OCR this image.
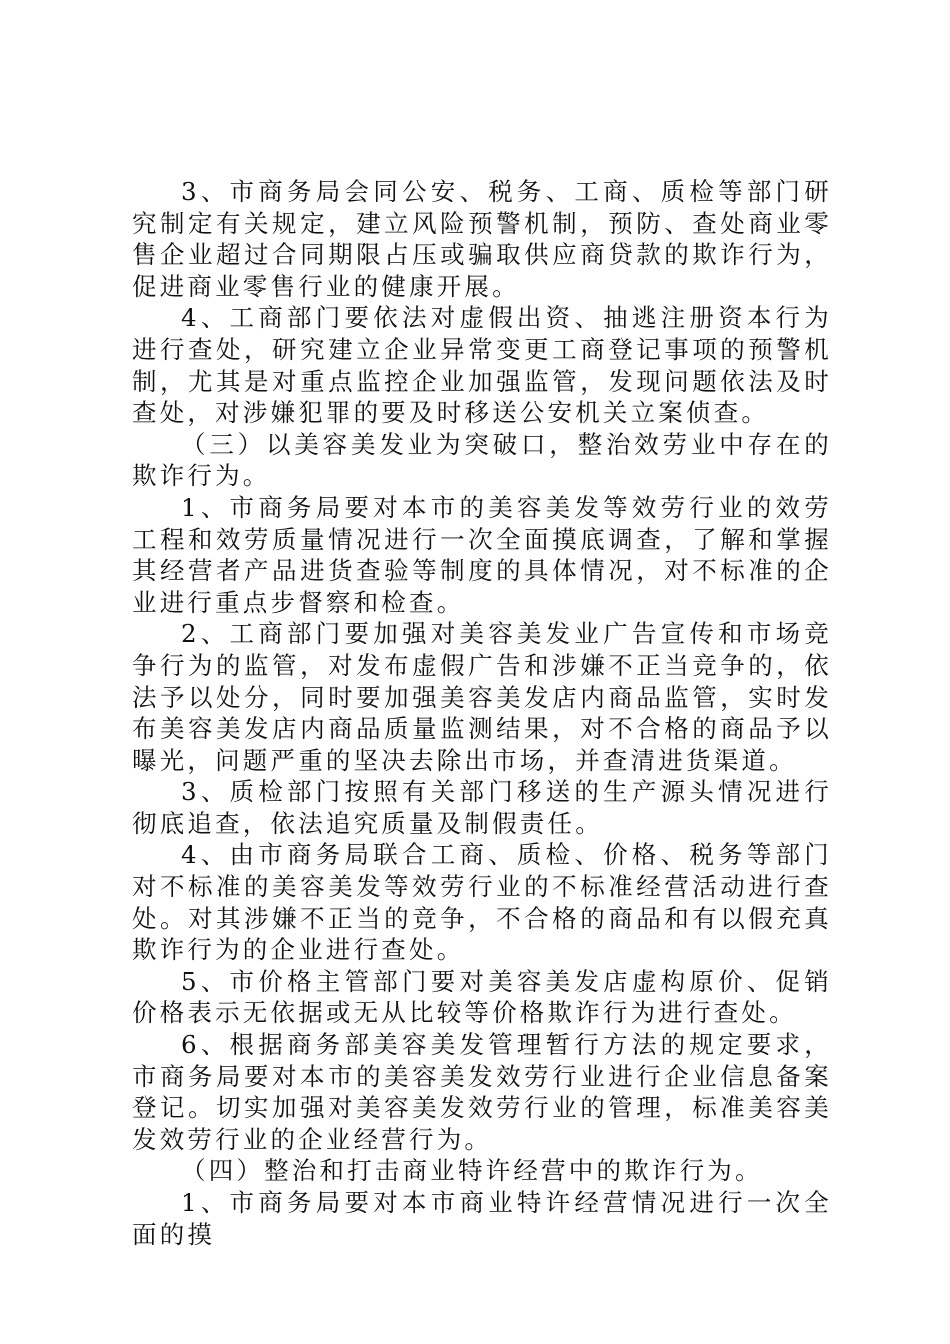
3、市商务局会同公安、税务、工商、质检等部门研究制定有关规定，建立风险预警机制，预防、查处商业零售企业超过合同期限占压或骗取供应商贷款的欺诈行为，促进商业零售行业的健康开展。

4、工商部门要依法对虚假出资、抽逃注册资本行为进行查处，研究建立企业异常变更工商登记事项的预警机制，尤其是对重点监控企业加强监管，发现问题依法及时查处，对涉嫌犯罪的要及时移送公安机关立案侦查。

（三）以美容美发业为突破口，整治效劳业中存在的欺诈行为。

1、市商务局要对本市的美容美发等效劳行业的效劳工程和效劳质量情况进行一次全面摸底调查，了解和掌握其经营者产品进货查验等制度的具体情况，对不标准的企业进行重点步督察和检查。

2、工商部门要加强对美容美发业广告宣传和市场竞争行为的监管，对发布虚假广告和涉嫌不正当竞争的，依法予以处分，同时要加强美容美发店内商品监管，实时发布美容美发店内商品质量监测结果，对不合格的商品予以曝光，问题严重的坚决去除出市场，并查清进货渠道。

3、质检部门按照有关部门移送的生产源头情况进行彻底追查，依法追究质量及制假责任。

4、由市商务局联合工商、质检、价格、税务等部门对不标准的美容美发等效劳行业的不标准经营活动进行查处。对其涉嫌不正当的竞争，不合格的商品和有以假充真欺诈行为的企业进行查处。

5、市价格主管部门要对美容美发店虚构原价、促销价格表示无依据或无从比较等价格欺诈行为进行查处。

6、根据商务部美容美发管理暂行方法的规定要求，市商务局要对本市的美容美发效劳行业进行企业信息备案登记。切实加强对美容美发效劳行业的管理，标准美容美发效劳行业的企业经营行为。

（四）整治和打击商业特许经营中的欺诈行为。

1、市商务局要对本市商业特许经营情况进行一次全面的摸
